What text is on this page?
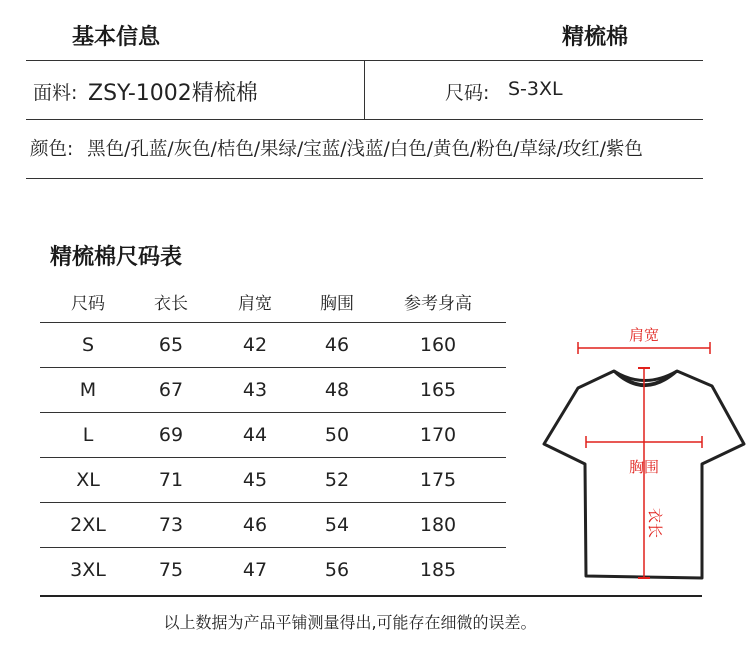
基本信息	精梳棉
面料: ZSY-1002精梳棉	尺码: S-3XL
颜色: 黑色/孔蓝/灰色/桔色/果绿/宝蓝/浅蓝/白色/黄色/粉色/草绿/玫红/紫色
精梳棉尺码表
尺码	衣长	肩宽	胸围	参考身高
S	65	42	46	160
M	67	43	48	165
L	69	44	50	170
XL	71	45	52	175
2XL	73	46	54	180
3XL	75	47	56	185
肩宽
胸围
衣长
以上数据为产品平铺测量得出,可能存在细微的误差。
